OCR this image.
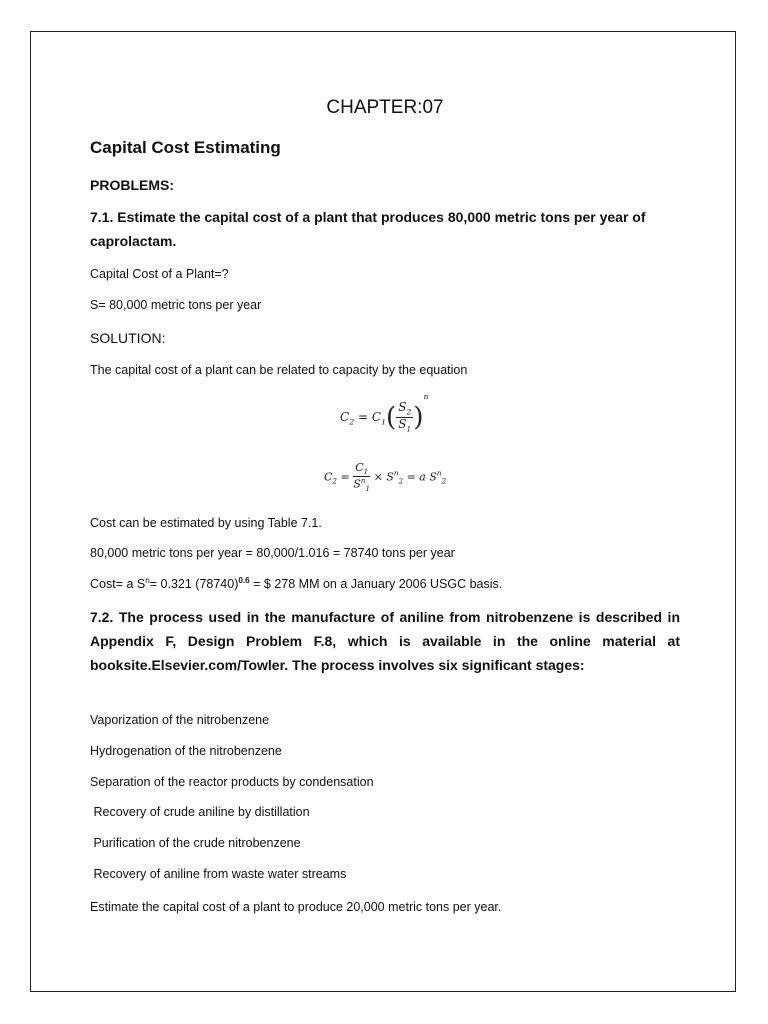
CHAPTER:07
Capital Cost Estimating
PROBLEMS:
7.1. Estimate the capital cost of a plant that produces 80,000 metric tons per year of caprolactam.
Capital Cost of a Plant=?
S= 80,000 metric tons per year
SOLUTION:
The capital cost of a plant can be related to capacity by the equation
$C_2 = C_1( \frac{S_2}{S_1} )^n$
$C_2 = \frac{C_1}{S^n_1} \times S^n_2 = a$ $S^n_2$
Cost can be estimated by using Table 7.1.
80,000 metric tons per year = 80,000/1.016 = 78740 tons per year
Cost= a $S^n= 0.321$ $(78740)^{0.6}$ = $ 278 MM on a January 2006 USGC basis.
7.2. The process used in the manufacture of aniline from nitrobenzene is described in Appendix F, Design Problem F.8, which is available in the online material at booksite.Elsevier.com/Towler. The process involves six significant stages:
Vaporization of the nitrobenzene
Hydrogenation of the nitrobenzene
Separation of the reactor products by condensation
Recovery of crude aniline by distillation
Purification of the crude nitrobenzene
Recovery of aniline from waste water streams
Estimate the capital cost of a plant to produce 20,000 metric tons per year.
